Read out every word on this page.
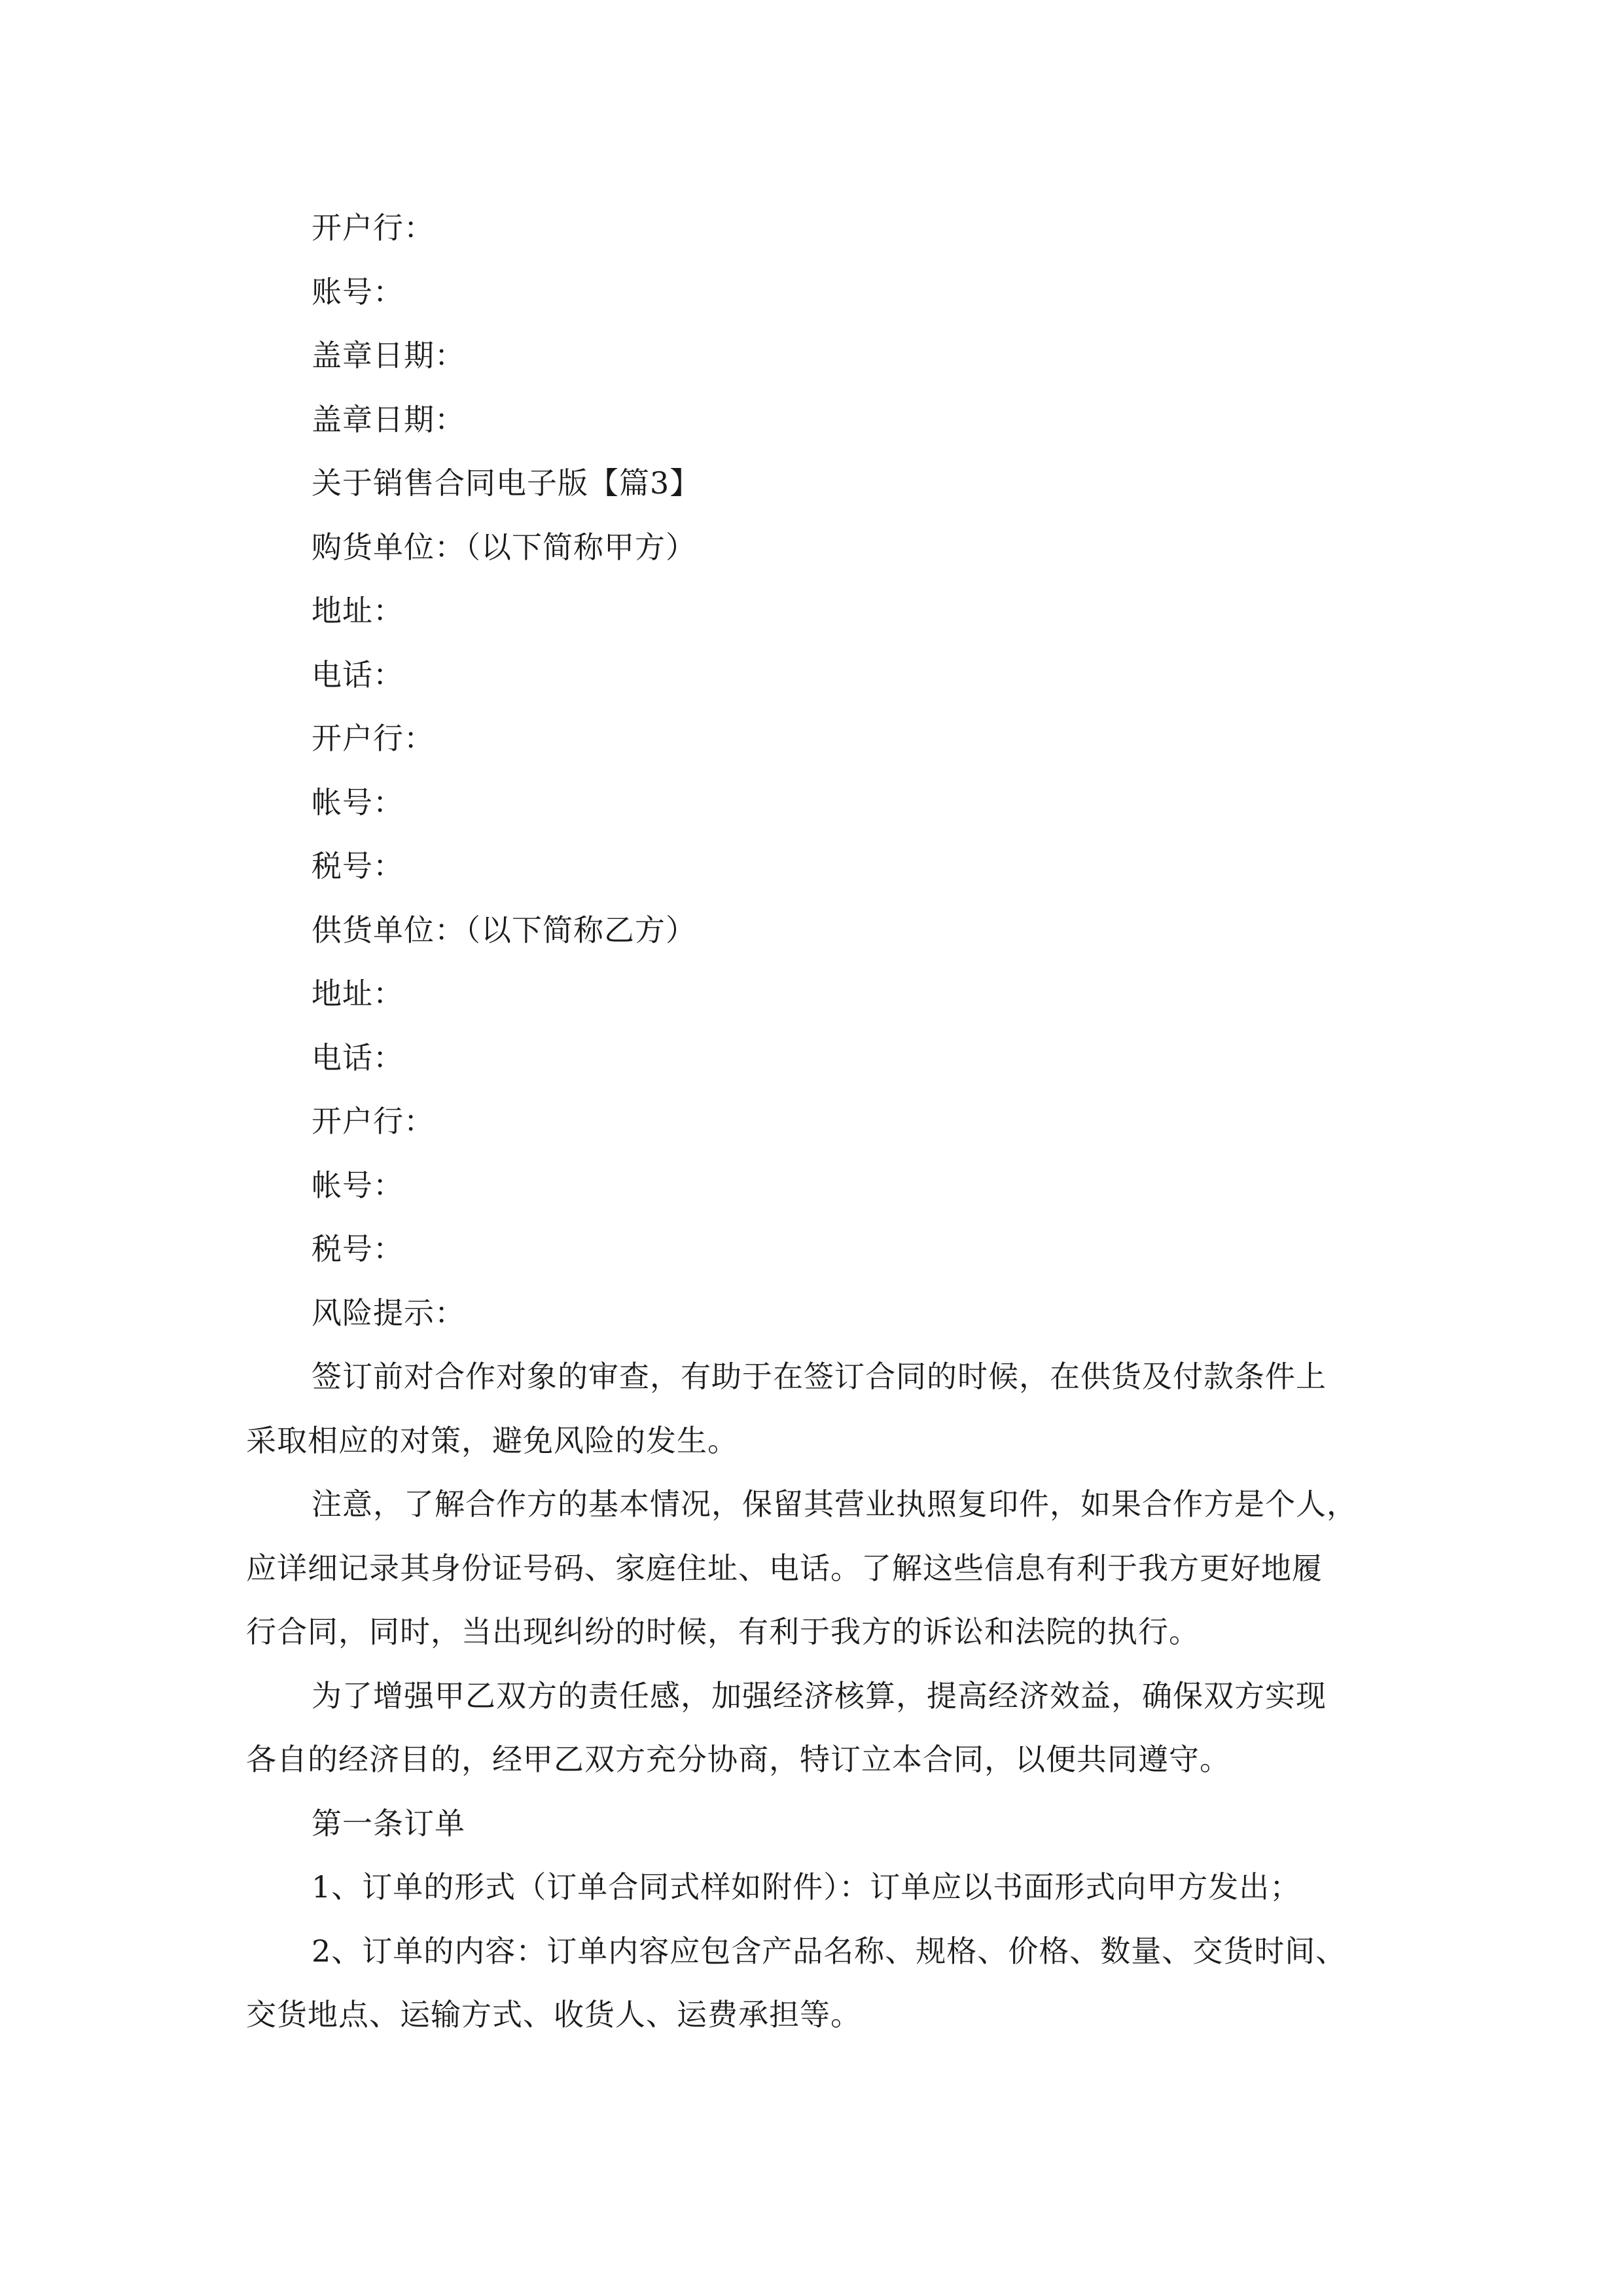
开户行：
账号：
盖章日期：
盖章日期：
关于销售合同电子版【篇3】
购货单位：（以下简称甲方）
地址：
电话：
开户行：
帐号：
税号：
供货单位：（以下简称乙方）
地址：
电话：
开户行：
帐号：
税号：
风险提示：
签订前对合作对象的审查，有助于在签订合同的时候，在供货及付款条件上
采取相应的对策，避免风险的发生。
注意，了解合作方的基本情况，保留其营业执照复印件，如果合作方是个人，
应详细记录其身份证号码、家庭住址、电话。了解这些信息有利于我方更好地履
行合同，同时，当出现纠纷的时候，有利于我方的诉讼和法院的执行。
为了增强甲乙双方的责任感，加强经济核算，提高经济效益，确保双方实现
各自的经济目的，经甲乙双方充分协商，特订立本合同，以便共同遵守。
第一条订单
1、订单的形式（订单合同式样如附件）：订单应以书面形式向甲方发出；
2、订单的内容：订单内容应包含产品名称、规格、价格、数量、交货时间、
交货地点、运输方式、收货人、运费承担等。
